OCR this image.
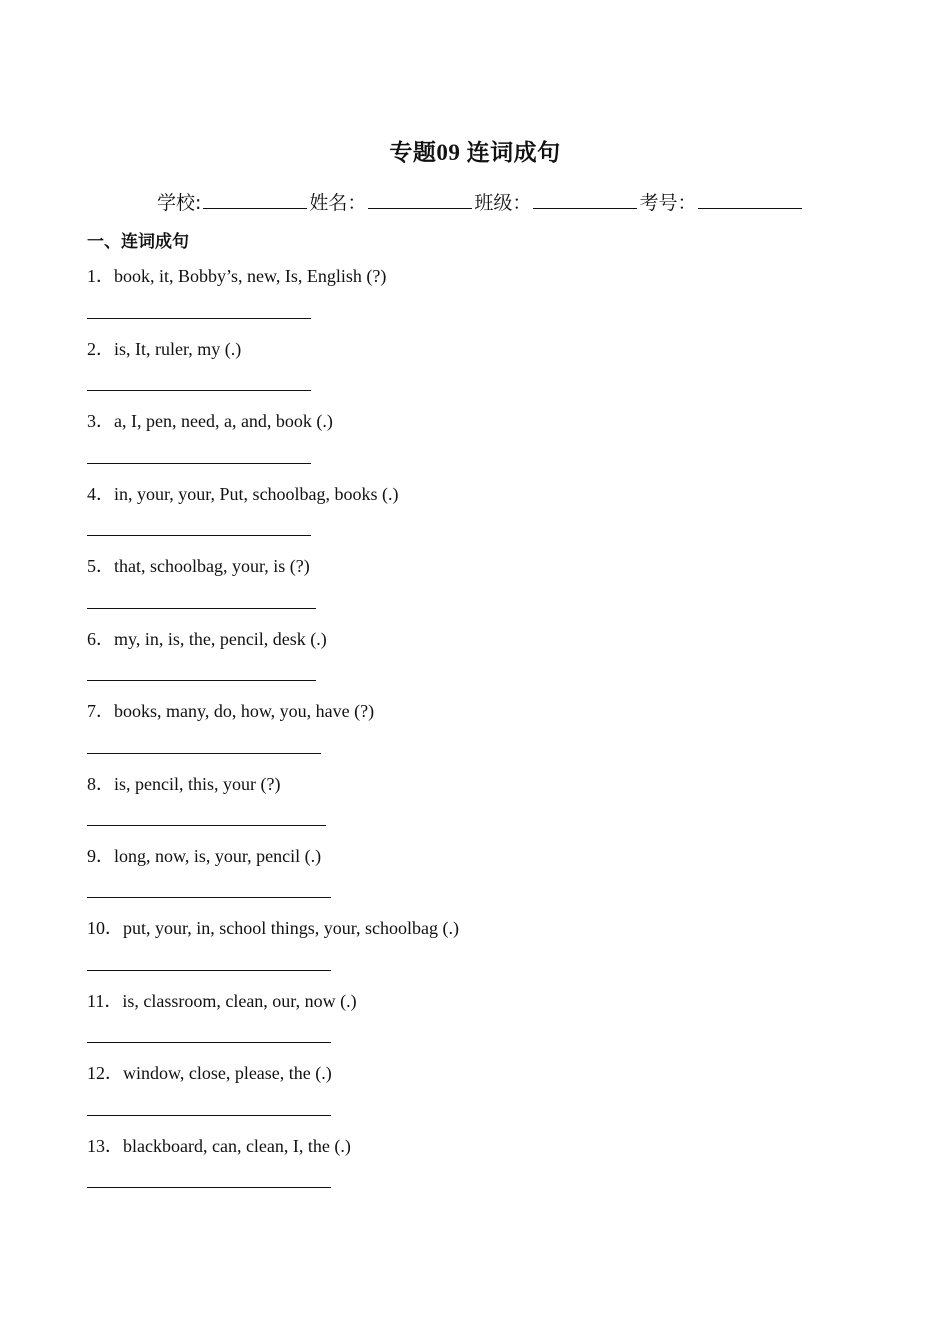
专题09 连词成句
学校:	姓名：	班级：	考号：
一、连词成句
1．book, it, Bobby’s, new, Is, English (?)
2．is, It, ruler, my (.)
3．a, I, pen, need, a, and, book (.)
4．in, your, your, Put, schoolbag, books (.)
5．that, schoolbag, your, is (?)
6．my, in, is, the, pencil, desk (.)
7．books, many, do, how, you, have (?)
8．is, pencil, this, your (?)
9．long, now, is, your, pencil (.)
10．put, your, in, school things, your, schoolbag (.)
11．is, classroom, clean, our, now (.)
12．window, close, please, the (.)
13．blackboard, can, clean, I, the (.)
